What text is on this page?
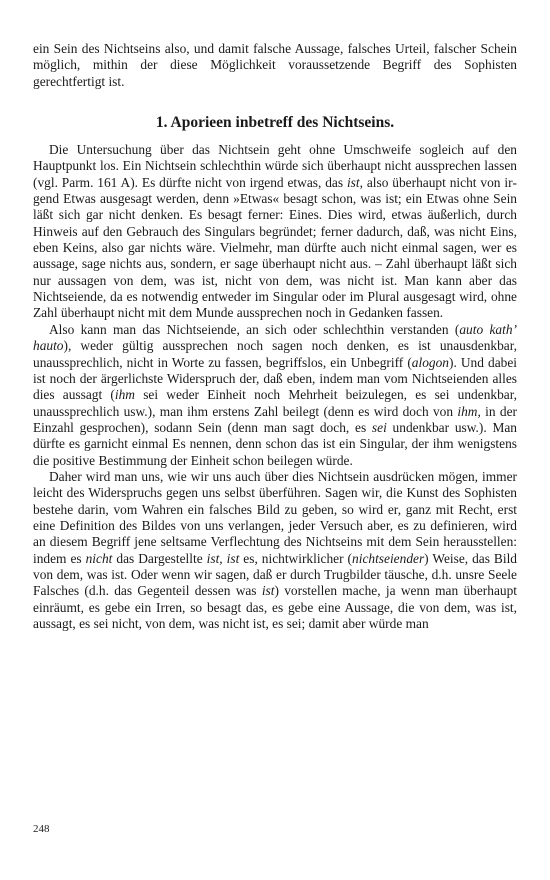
ein Sein des Nichtseins also, und damit falsche Aussage, falsches Urteil, falscher Schein möglich, mithin der diese Möglichkeit voraussetzende Begriff des Sophisten gerechtfertigt ist.

1. Aporieen inbetreff des Nichtseins.

Die Untersuchung über das Nichtsein geht ohne Umschweife sogleich auf den Hauptpunkt los. Ein Nichtsein schlechthin würde sich überhaupt nicht aussprechen lassen (vgl. Parm. 161 A). Es dürfte nicht von irgend etwas, das ist, also überhaupt nicht von irgend Etwas ausgesagt werden, denn »Etwas« besagt schon, was ist; ein Etwas ohne Sein läßt sich gar nicht denken. Es besagt ferner: Eines. Dies wird, etwas äußerlich, durch Hinweis auf den Gebrauch des Singulars begründet; ferner dadurch, daß, was nicht Eins, eben Keins, also gar nichts wäre. Vielmehr, man dürfte auch nicht einmal sagen, wer es aussage, sage nichts aus, sondern, er sage überhaupt nicht aus. – Zahl überhaupt läßt sich nur aussagen von dem, was ist, nicht von dem, was nicht ist. Man kann aber das Nichtseiende, da es notwendig entweder im Singular oder im Plural ausgesagt wird, ohne Zahl überhaupt nicht mit dem Munde aussprechen noch in Gedanken fassen.

Also kann man das Nichtseiende, an sich oder schlechthin verstanden (auto kath’ hauto), weder gültig aussprechen noch sagen noch denken, es ist unausdenkbar, unaussprechlich, nicht in Worte zu fassen, begriffslos, ein Unbegriff (alogon). Und dabei ist noch der ärgerlichste Widerspruch der, daß eben, indem man vom Nichtseienden alles dies aussagt (ihm sei weder Einheit noch Mehrheit beizulegen, es sei undenkbar, unaussprechlich usw.), man ihm erstens Zahl beilegt (denn es wird doch von ihm, in der Einzahl gesprochen), sodann Sein (denn man sagt doch, es sei undenkbar usw.). Man dürfte es garnicht einmal Es nennen, denn schon das ist ein Singular, der ihm wenigstens die positive Bestimmung der Einheit schon beilegen würde.

Daher wird man uns, wie wir uns auch über dies Nichtsein ausdrücken mögen, immer leicht des Widerspruchs gegen uns selbst überführen. Sagen wir, die Kunst des Sophisten bestehe darin, vom Wahren ein falsches Bild zu geben, so wird er, ganz mit Recht, erst eine Definition des Bildes von uns verlangen, jeder Versuch aber, es zu definieren, wird an diesem Begriff jene seltsame Verflechtung des Nichtseins mit dem Sein herausstellen: indem es nicht das Dargestellte ist, ist es, nichtwirklicher (nichtseiender) Weise, das Bild von dem, was ist. Oder wenn wir sagen, daß er durch Trugbilder täusche, d.h. unsre Seele Falsches (d.h. das Gegenteil dessen was ist) vorstellen mache, ja wenn man überhaupt einräumt, es gebe ein Irren, so besagt das, es gebe eine Aussage, die von dem, was ist, aussagt, es sei nicht, von dem, was nicht ist, es sei; damit aber würde man

248
